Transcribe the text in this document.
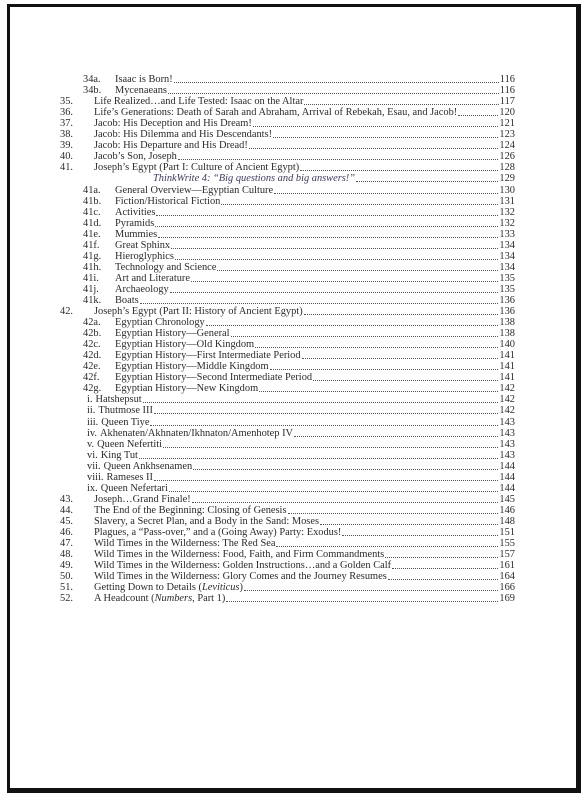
34a.	Isaac is Born!	116
34b.	Mycenaeans	116
35.	Life Realized…and Life Tested: Isaac on the Altar	117
36.	Life’s Generations: Death of Sarah and Abraham, Arrival of Rebekah, Esau, and Jacob!	120
37.	Jacob: His Deception and His Dream!	121
38.	Jacob: His Dilemma and His Descendants!	123
39.	Jacob: His Departure and His Dread!	124
40.	Jacob’s Son, Joseph	126
41.	Joseph’s Egypt (Part I: Culture of Ancient Egypt)	128
ThinkWrite 4: “Big questions and big answers!”	129
41a.	General Overview—Egyptian Culture	130
41b.	Fiction/Historical Fiction	131
41c.	Activities	132
41d.	Pyramids	132
41e.	Mummies	133
41f.	Great Sphinx	134
41g.	Hieroglyphics	134
41h.	Technology and Science	134
41i.	Art and Literature	135
41j.	Archaeology	135
41k.	Boats	136
42.	Joseph’s Egypt (Part II: History of Ancient Egypt)	136
42a.	Egyptian Chronology	138
42b.	Egyptian History—General	138
42c.	Egyptian History—Old Kingdom	140
42d.	Egyptian History—First Intermediate Period	141
42e.	Egyptian History—Middle Kingdom	141
42f.	Egyptian History—Second Intermediate Period	141
42g.	Egyptian History—New Kingdom	142
i. Hatshepsut	142
ii. Thutmose III	142
iii. Queen Tiye	143
iv. Akhenaten/Akhnaten/Ikhnaton/Amenhotep IV	143
v. Queen Nefertiti	143
vi. King Tut	143
vii. Queen Ankhsenamen	144
viii. Rameses II	144
ix. Queen Nefertari	144
43.	Joseph…Grand Finale!	145
44.	The End of the Beginning: Closing of Genesis	146
45.	Slavery, a Secret Plan, and a Body in the Sand: Moses	148
46.	Plagues, a “Pass-over,” and a (Going Away) Party: Exodus!	151
47.	Wild Times in the Wilderness: The Red Sea	155
48.	Wild Times in the Wilderness: Food, Faith, and Firm Commandments	157
49.	Wild Times in the Wilderness: Golden Instructions…and a Golden Calf	161
50.	Wild Times in the Wilderness: Glory Comes and the Journey Resumes	164
51.	Getting Down to Details (Leviticus)	166
52.	A Headcount (Numbers, Part 1)	169
